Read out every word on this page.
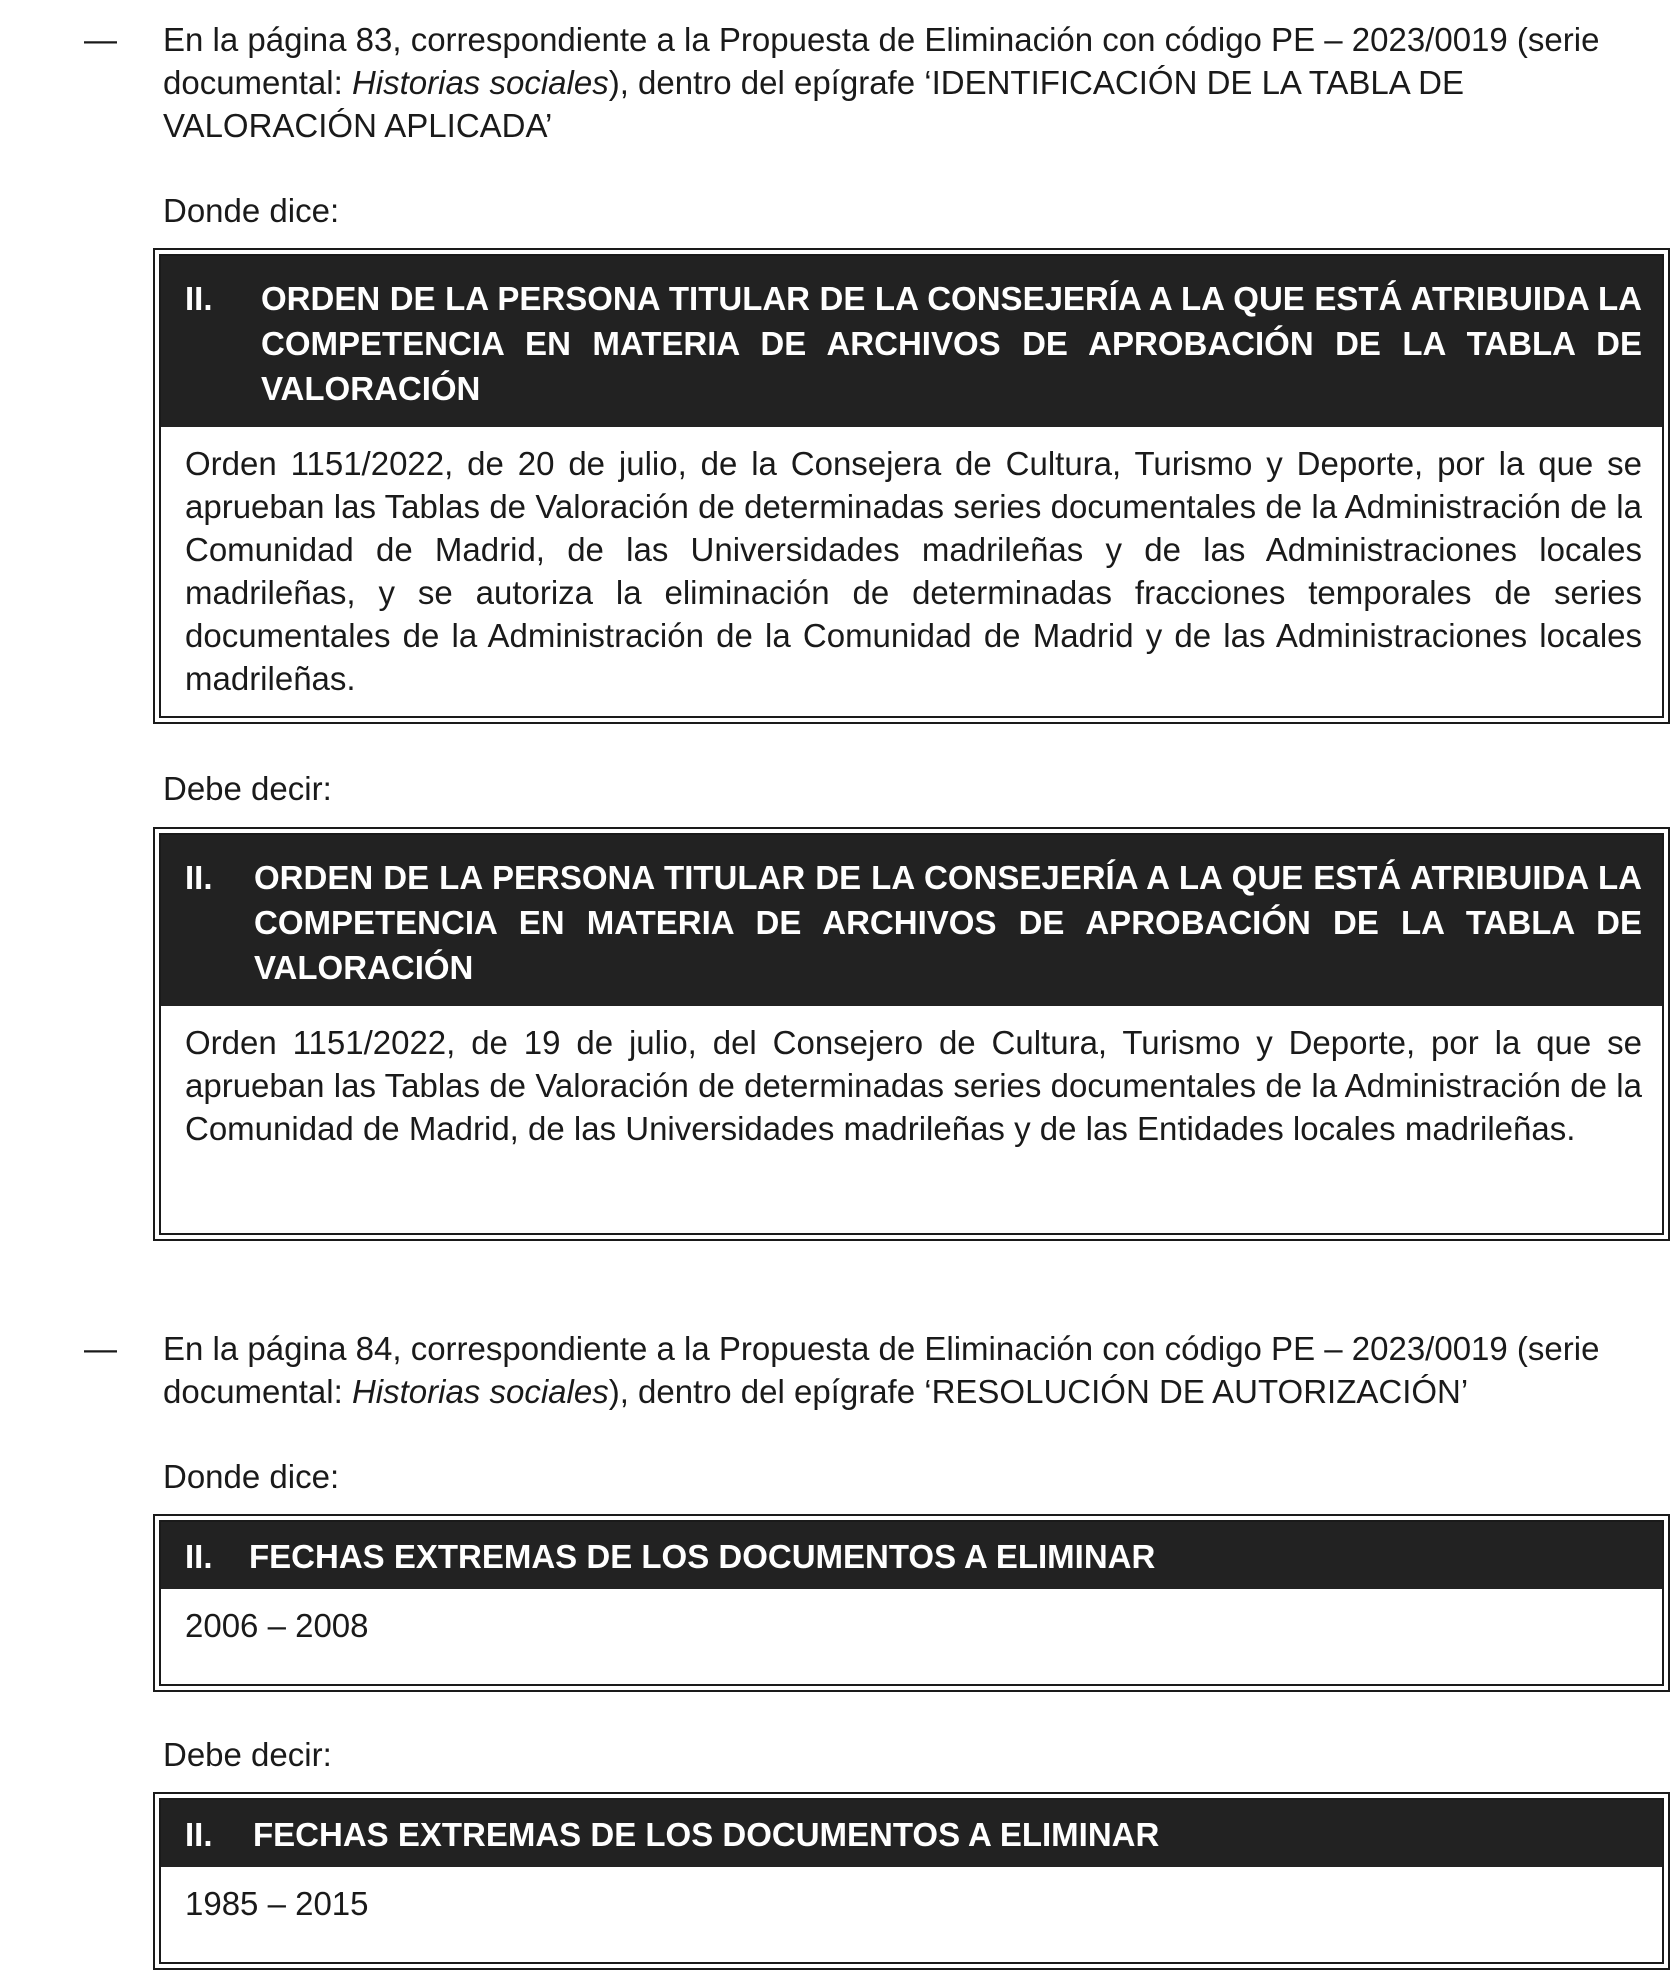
— En la página 83, correspondiente a la Propuesta de Eliminación con código PE – 2023/0019 (serie documental: Historias sociales), dentro del epígrafe ‘IDENTIFICACIÓN DE LA TABLA DE VALORACIÓN APLICADA’
Donde dice:
II. ORDEN DE LA PERSONA TITULAR DE LA CONSEJERÍA A LA QUE ESTÁ ATRIBUIDA LA COMPETENCIA EN MATERIA DE ARCHIVOS DE APROBACIÓN DE LA TABLA DE VALORACIÓN
Orden 1151/2022, de 20 de julio, de la Consejera de Cultura, Turismo y Deporte, por la que se aprueban las Tablas de Valoración de determinadas series documentales de la Administración de la Comunidad de Madrid, de las Universidades madrileñas y de las Administraciones locales madrileñas, y se autoriza la eliminación de determinadas fracciones temporales de series documentales de la Administración de la Comunidad de Madrid y de las Administraciones locales madrileñas.
Debe decir:
II. ORDEN DE LA PERSONA TITULAR DE LA CONSEJERÍA A LA QUE ESTÁ ATRIBUIDA LA COMPETENCIA EN MATERIA DE ARCHIVOS DE APROBACIÓN DE LA TABLA DE VALORACIÓN
Orden 1151/2022, de 19 de julio, del Consejero de Cultura, Turismo y Deporte, por la que se aprueban las Tablas de Valoración de determinadas series documentales de la Administración de la Comunidad de Madrid, de las Universidades madrileñas y de las Entidades locales madrileñas.
— En la página 84, correspondiente a la Propuesta de Eliminación con código PE – 2023/0019 (serie documental: Historias sociales), dentro del epígrafe ‘RESOLUCIÓN DE AUTORIZACIÓN’
Donde dice:
II. FECHAS EXTREMAS DE LOS DOCUMENTOS A ELIMINAR
2006 – 2008
Debe decir:
II. FECHAS EXTREMAS DE LOS DOCUMENTOS A ELIMINAR
1985 – 2015
